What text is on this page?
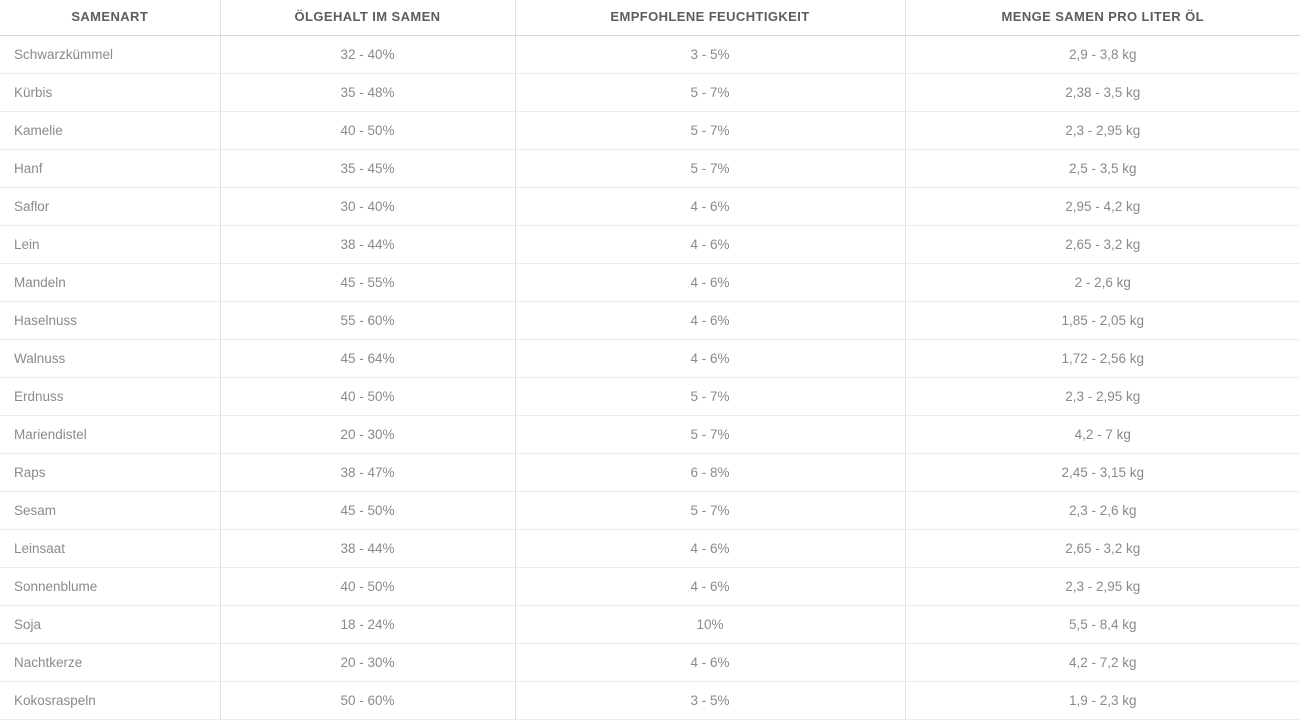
SAMENART	ÖLGEHALT IM SAMEN	EMPFOHLENE FEUCHTIGKEIT	MENGE SAMEN PRO LITER ÖL
Schwarzkümmel	32 - 40%	3 - 5%	2,9 - 3,8 kg
Kürbis	35 - 48%	5 - 7%	2,38 - 3,5 kg
Kamelie	40 - 50%	5 - 7%	2,3 - 2,95 kg
Hanf	35 - 45%	5 - 7%	2,5 - 3,5 kg
Saflor	30 - 40%	4 - 6%	2,95 - 4,2 kg
Lein	38 - 44%	4 - 6%	2,65 - 3,2 kg
Mandeln	45 - 55%	4 - 6%	2 - 2,6 kg
Haselnuss	55 - 60%	4 - 6%	1,85 - 2,05 kg
Walnuss	45 - 64%	4 - 6%	1,72 - 2,56 kg
Erdnuss	40 - 50%	5 - 7%	2,3 - 2,95 kg
Mariendistel	20 - 30%	5 - 7%	4,2 - 7 kg
Raps	38 - 47%	6 - 8%	2,45 - 3,15 kg
Sesam	45 - 50%	5 - 7%	2,3 - 2,6 kg
Leinsaat	38 - 44%	4 - 6%	2,65 - 3,2 kg
Sonnenblume	40 - 50%	4 - 6%	2,3 - 2,95 kg
Soja	18 - 24%	10%	5,5 - 8,4 kg
Nachtkerze	20 - 30%	4 - 6%	4,2 - 7,2 kg
Kokosraspeln	50 - 60%	3 - 5%	1,9 - 2,3 kg
